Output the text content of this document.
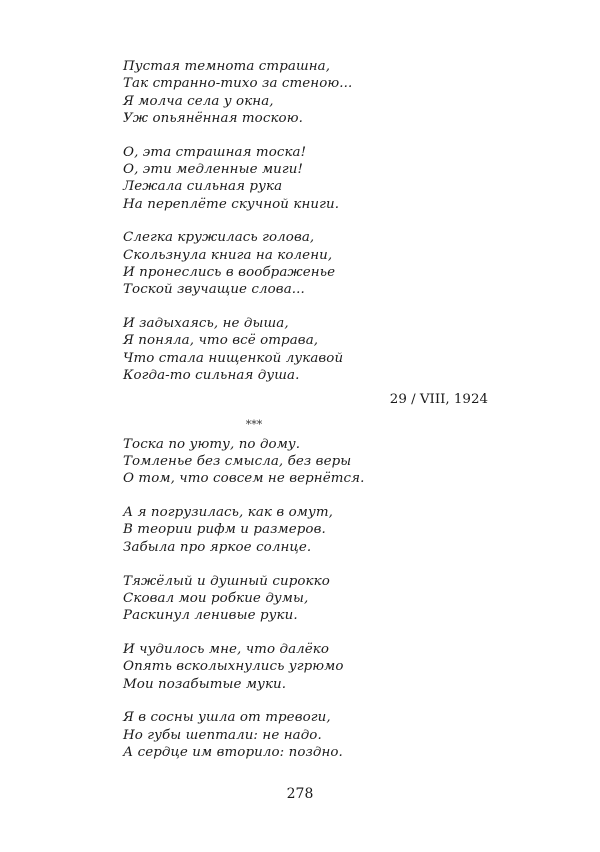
Пустая темнота страшна,
Так странно-тихо за стеною...
Я молча села у окна,
Уж опьянённая тоскою.
О, эта страшная тоска!
О, эти медленные миги!
Лежала сильная рука
На переплёте скучной книги.
Слегка кружилась голова,
Скользнула книга на колени,
И пронеслись в воображенье
Тоской звучащие слова...
И задыхаясь, не дыша,
Я поняла, что всё отрава,
Что стала нищенкой лукавой
Когда-то сильная душа.
29 / VIII, 1924
***
Тоска по уюту, по дому.
Томленье без смысла, без веры
О том, что совсем не вернётся.
А я погрузилась, как в омут,
В теории рифм и размеров.
Забыла про яркое солнце.
Тяжёлый и душный сирокко
Сковал мои робкие думы,
Раскинул ленивые руки.
И чудилось мне, что далёко
Опять всколыхнулись угрюмо
Мои позабытые муки.
Я в сосны ушла от тревоги,
Но губы шептали: не надо.
А сердце им вторило: поздно.
278
